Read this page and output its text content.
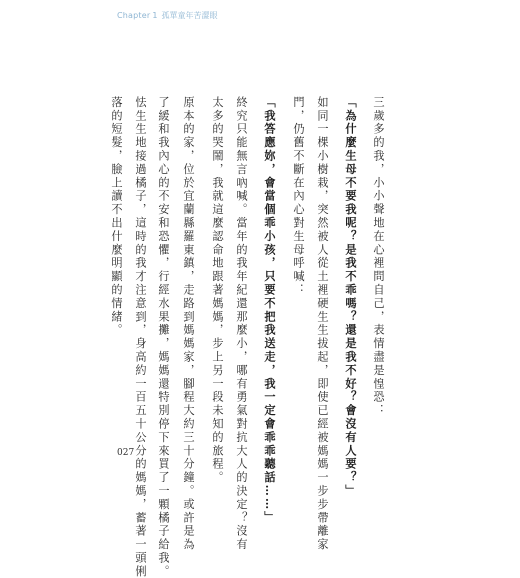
Chapter 1 孤單童年苦澀眼
三歲多的我，小小聲地在心裡問自己，表情盡是惶恐：
「為什麼生母不要我呢？是我不乖嗎？還是我不好？會沒有人要？」
如同一棵小樹栽，突然被人從土裡硬生生拔起，即使已經被媽媽一步步帶離家
門，仍舊不斷在內心對生母呼喊：
「我答應妳，會當個乖小孩，只要不把我送走，我一定會乖乖聽話……」
終究只能無言吶喊。當年的我年紀還那麼小，哪有勇氣對抗大人的決定？沒有
太多的哭鬧，我就這麼認命地跟著媽媽，步上另一段未知的旅程。
原本的家，位於宜蘭縣羅東鎮，走路到媽媽家，腳程大約三十分鐘。或許是為
了緩和我內心的不安和恐懼，行經水果攤，媽媽還特別停下來買了一顆橘子給我。
怯生生地接過橘子，這時的我才注意到，身高約一百五十公分的媽媽，蓄著一頭俐
落的短髮，臉上讀不出什麼明顯的情緒。
027
